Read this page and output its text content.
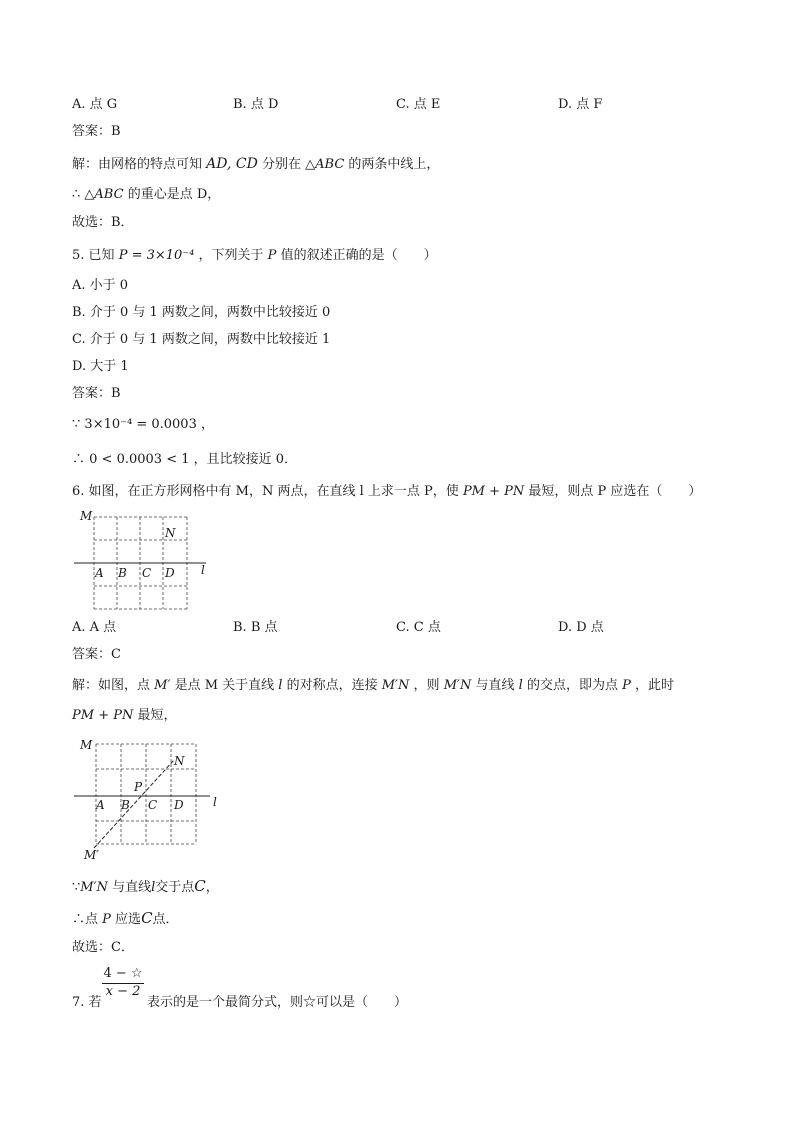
A. 点 G	B. 点 D	C. 点 E	D. 点 F
答案：B
解：由网格的特点可知 AD, CD 分别在 △ABC 的两条中线上，
∴ △ABC 的重心是点 D，
故选：B．
5. 已知 P = 3×10⁻⁴ ，下列关于 P 值的叙述正确的是（　　）
A. 小于 0
B. 介于 0 与 1 两数之间，两数中比较接近 0
C. 介于 0 与 1 两数之间，两数中比较接近 1
D. 大于 1
答案：B
∵ 3×10⁻⁴ = 0.0003 ，
∴ 0 < 0.0003 < 1 ，且比较接近 0．
6. 如图，在正方形网格中有 M，N 两点，在直线 l 上求一点 P，使 PM + PN 最短，则点 P 应选在（　　）
M
N
A B C D l
A. A 点	B. B 点	C. C 点	D. D 点
答案：C
解：如图，点 M′ 是点 M 关于直线 l 的对称点，连接 M′N ，则 M′N 与直线 l 的交点，即为点 P ，此时
PM + PN 最短，
M
N
P
A B C D l
M′
∵M′N 与直线l交于点C，
∴点 P 应选C点．
故选：C．
$\frac{4 - ☆}{x - 2}$
7. 若	表示的是一个最简分式，则☆可以是（　　）
